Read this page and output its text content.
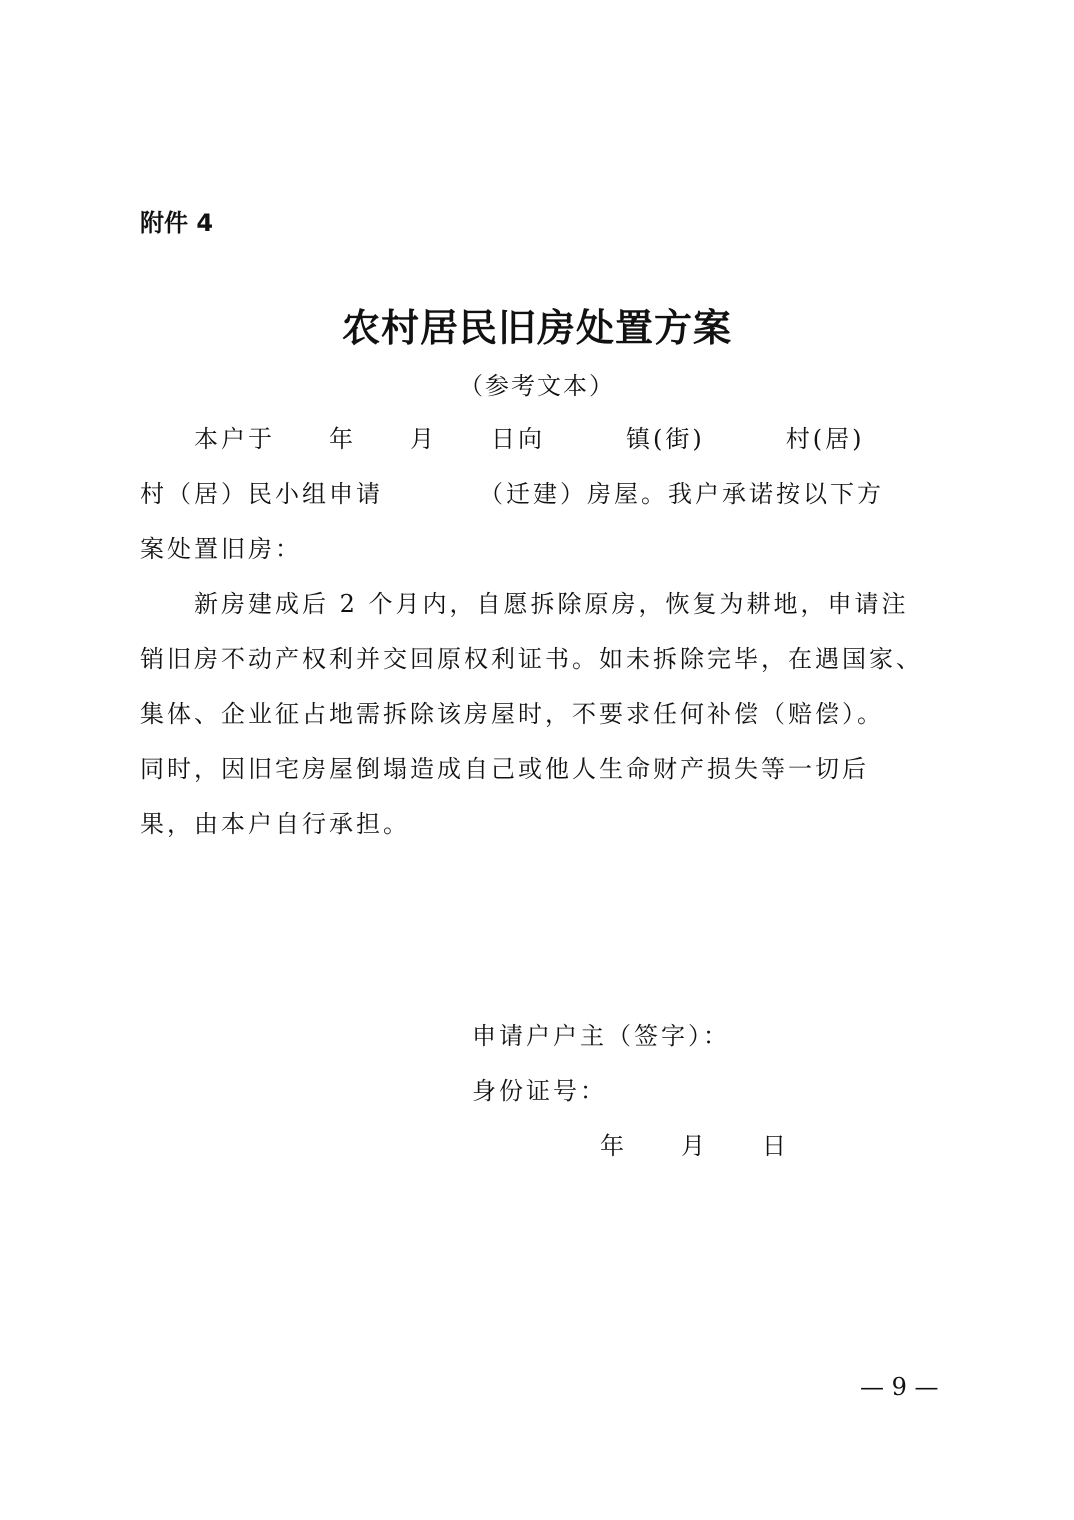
附件 4
农村居民旧房处置方案
（参考文本）
　　本户于　　年　　月　　日向　　　镇(街)　　　村(居)
村（居）民小组申请　　　　（迁建）房屋。我户承诺按以下方
案处置旧房：
　　新房建成后 2 个月内，自愿拆除原房，恢复为耕地，申请注
销旧房不动产权利并交回原权利证书。如未拆除完毕，在遇国家、
集体、企业征占地需拆除该房屋时，不要求任何补偿（赔偿）。
同时，因旧宅房屋倒塌造成自己或他人生命财产损失等一切后
果，由本户自行承担。
申请户户主（签字）：
身份证号：
年　　月　　日
— 9 —
